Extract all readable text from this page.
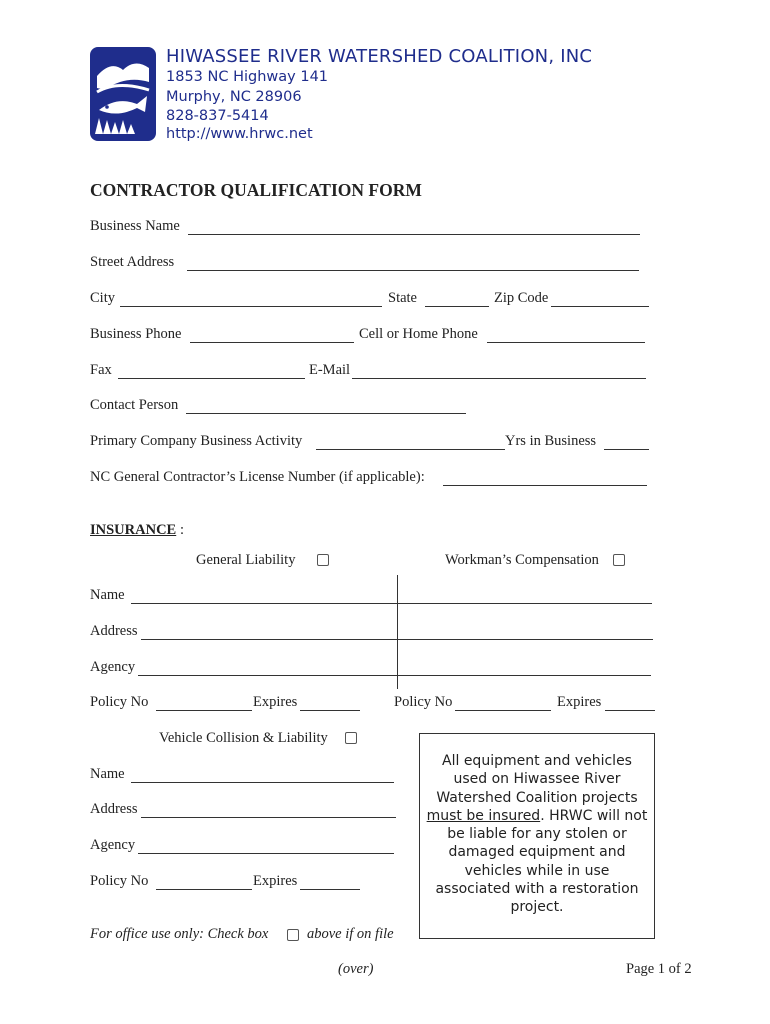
HIWASSEE RIVER WATERSHED COALITION, INC
1853 NC Highway 141
Murphy, NC 28906
828-837-5414
http://www.hrwc.net
CONTRACTOR QUALIFICATION FORM
Business Name
Street Address
City	State	Zip Code
Business Phone	Cell or Home Phone
Fax	E-Mail
Contact Person
Primary Company Business Activity	Yrs in Business
NC General Contractor’s License Number (if applicable):
INSURANCE :
General Liability	Workman’s Compensation
Name
Address
Agency
Policy No	Expires	Policy No	Expires
Vehicle Collision & Liability
Name
Address
Agency
Policy No	Expires
All equipment and vehicles used on Hiwassee River Watershed Coalition projects must be insured. HRWC will not be liable for any stolen or damaged equipment and vehicles while in use associated with a restoration project.
For office use only: Check box	above if on file
(over)	Page 1 of 2
